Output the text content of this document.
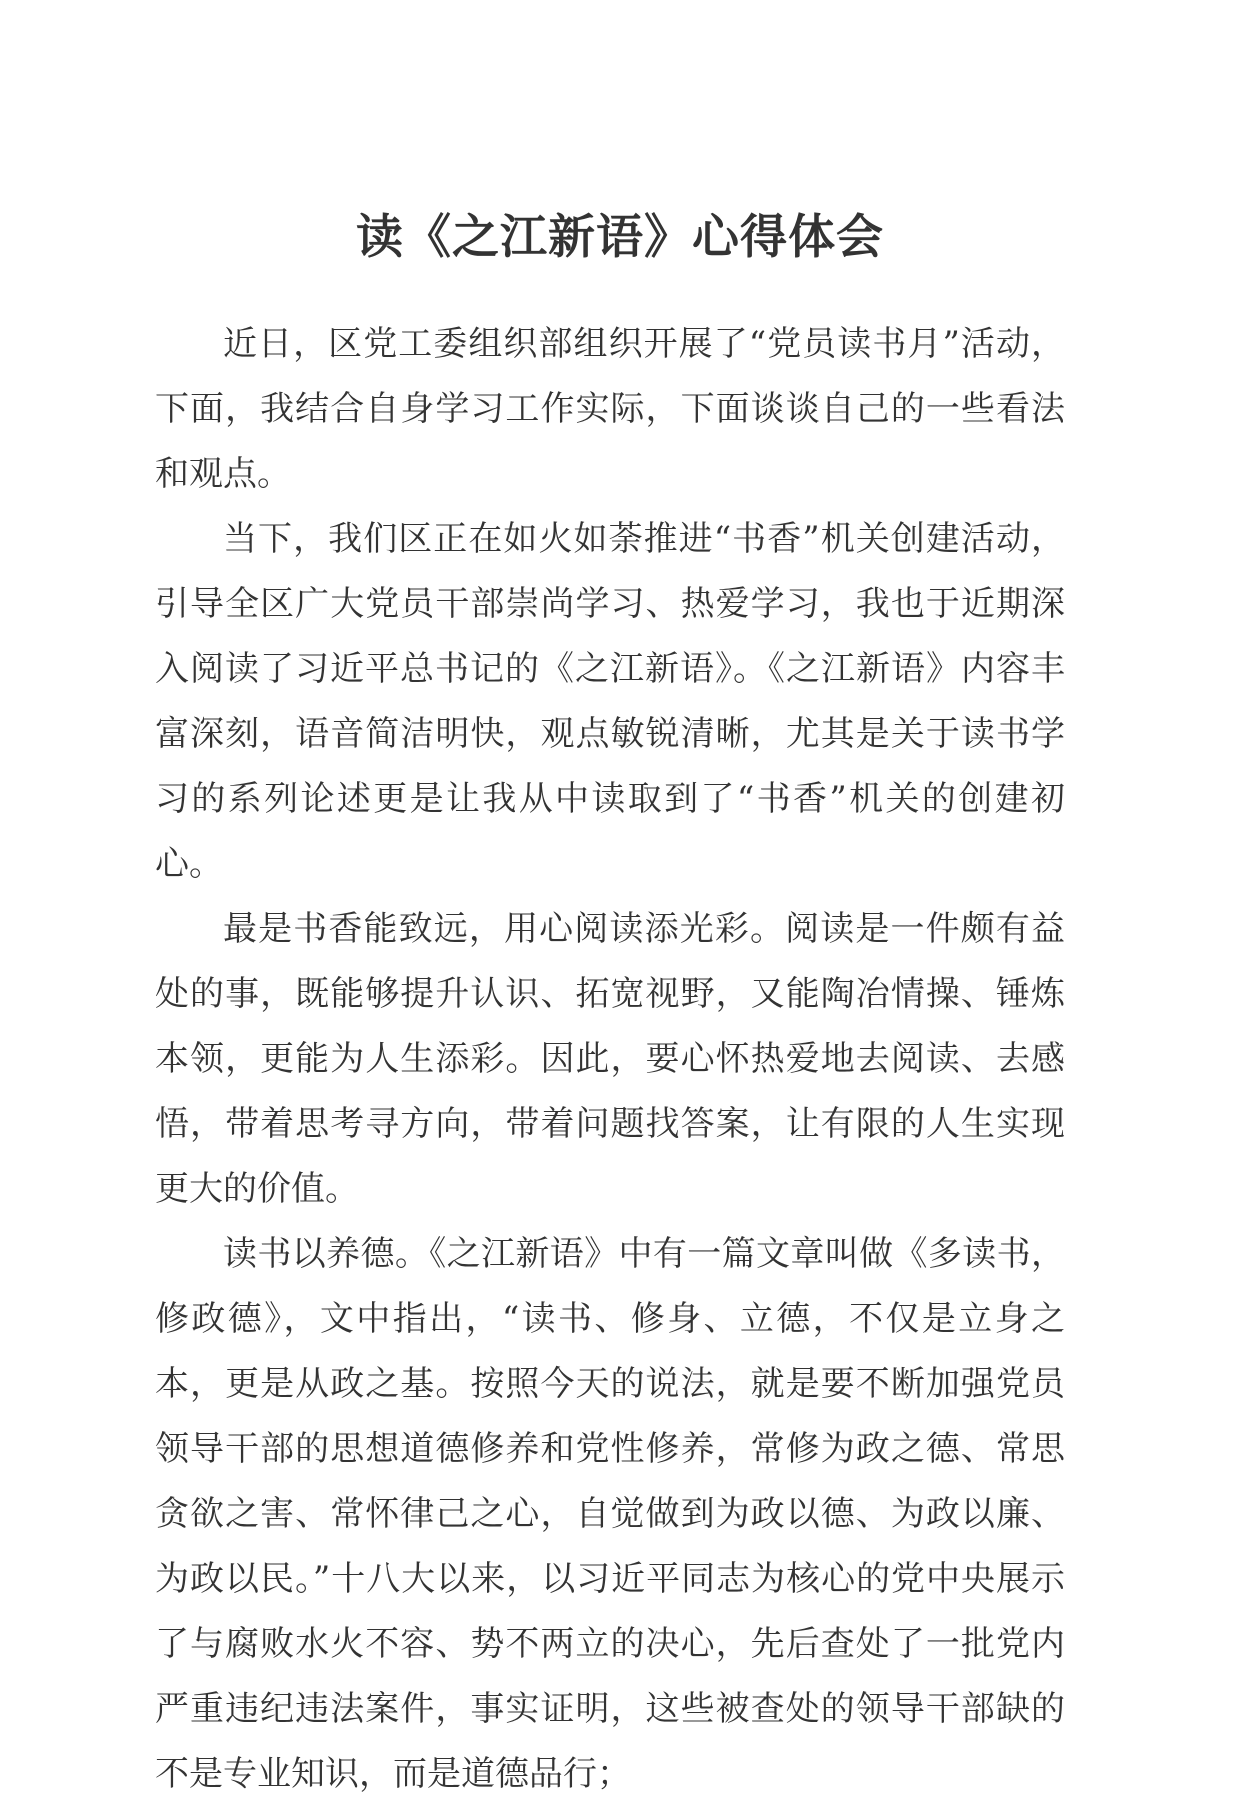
读《之江新语》心得体会

近日，区党工委组织部组织开展了“党员读书月”活动，下面，我结合自身学习工作实际，下面谈谈自己的一些看法和观点。

当下，我们区正在如火如荼推进“书香”机关创建活动，引导全区广大党员干部崇尚学习、热爱学习，我也于近期深入阅读了习近平总书记的《之江新语》。《之江新语》内容丰富深刻，语音简洁明快，观点敏锐清晰，尤其是关于读书学习的系列论述更是让我从中读取到了“书香”机关的创建初心。

最是书香能致远，用心阅读添光彩。阅读是一件颇有益处的事，既能够提升认识、拓宽视野，又能陶冶情操、锤炼本领，更能为人生添彩。因此，要心怀热爱地去阅读、去感悟，带着思考寻方向，带着问题找答案，让有限的人生实现更大的价值。

读书以养德。《之江新语》中有一篇文章叫做《多读书，修政德》，文中指出，“读书、修身、立德，不仅是立身之本，更是从政之基。按照今天的说法，就是要不断加强党员领导干部的思想道德修养和党性修养，常修为政之德、常思贪欲之害、常怀律己之心，自觉做到为政以德、为政以廉、为政以民。”十八大以来，以习近平同志为核心的党中央展示了与腐败水火不容、势不两立的决心，先后查处了一批党内严重违纪违法案件，事实证明，这些被查处的领导干部缺的不是专业知识，而是道德品行；
